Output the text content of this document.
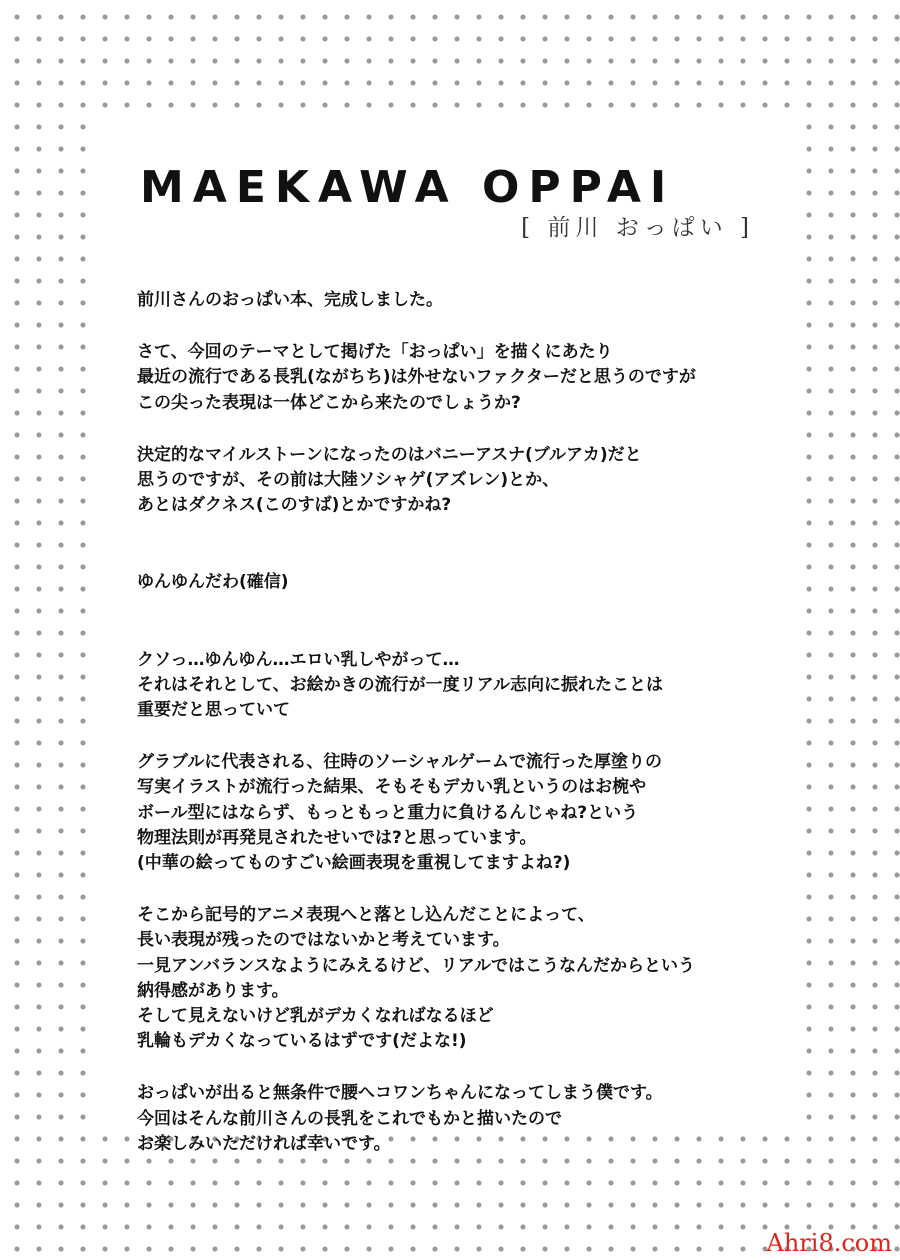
MAEKAWA OPPAI
[ 前川 おっぱい ]

前川さんのおっぱい本、完成しました。

さて、今回のテーマとして掲げた「おっぱい」を描くにあたり
最近の流行である長乳(ながちち)は外せないファクターだと思うのですが
この尖った表現は一体どこから来たのでしょうか?

決定的なマイルストーンになったのはバニーアスナ(ブルアカ)だと
思うのですが、その前は大陸ソシャゲ(アズレン)とか、
あとはダクネス(このすば)とかですかね?

ゆんゆんだわ(確信)

クソっ…ゆんゆん…エロい乳しやがって…
それはそれとして、お絵かきの流行が一度リアル志向に振れたことは
重要だと思っていて

グラブルに代表される、往時のソーシャルゲームで流行った厚塗りの
写実イラストが流行った結果、そもそもデカい乳というのはお椀や
ボール型にはならず、もっともっと重力に負けるんじゃね?という
物理法則が再発見されたせいでは?と思っています。
(中華の絵ってものすごい絵画表現を重視してますよね?)

そこから記号的アニメ表現へと落とし込んだことによって、
長い表現が残ったのではないかと考えています。
一見アンバランスなようにみえるけど、リアルではこうなんだからという
納得感があります。
そして見えないけど乳がデカくなればなるほど
乳輪もデカくなっているはずです(だよな!)

おっぱいが出ると無条件で腰へコワンちゃんになってしまう僕です。
今回はそんな前川さんの長乳をこれでもかと描いたので
お楽しみいただければ幸いです。

Ahri8.com
